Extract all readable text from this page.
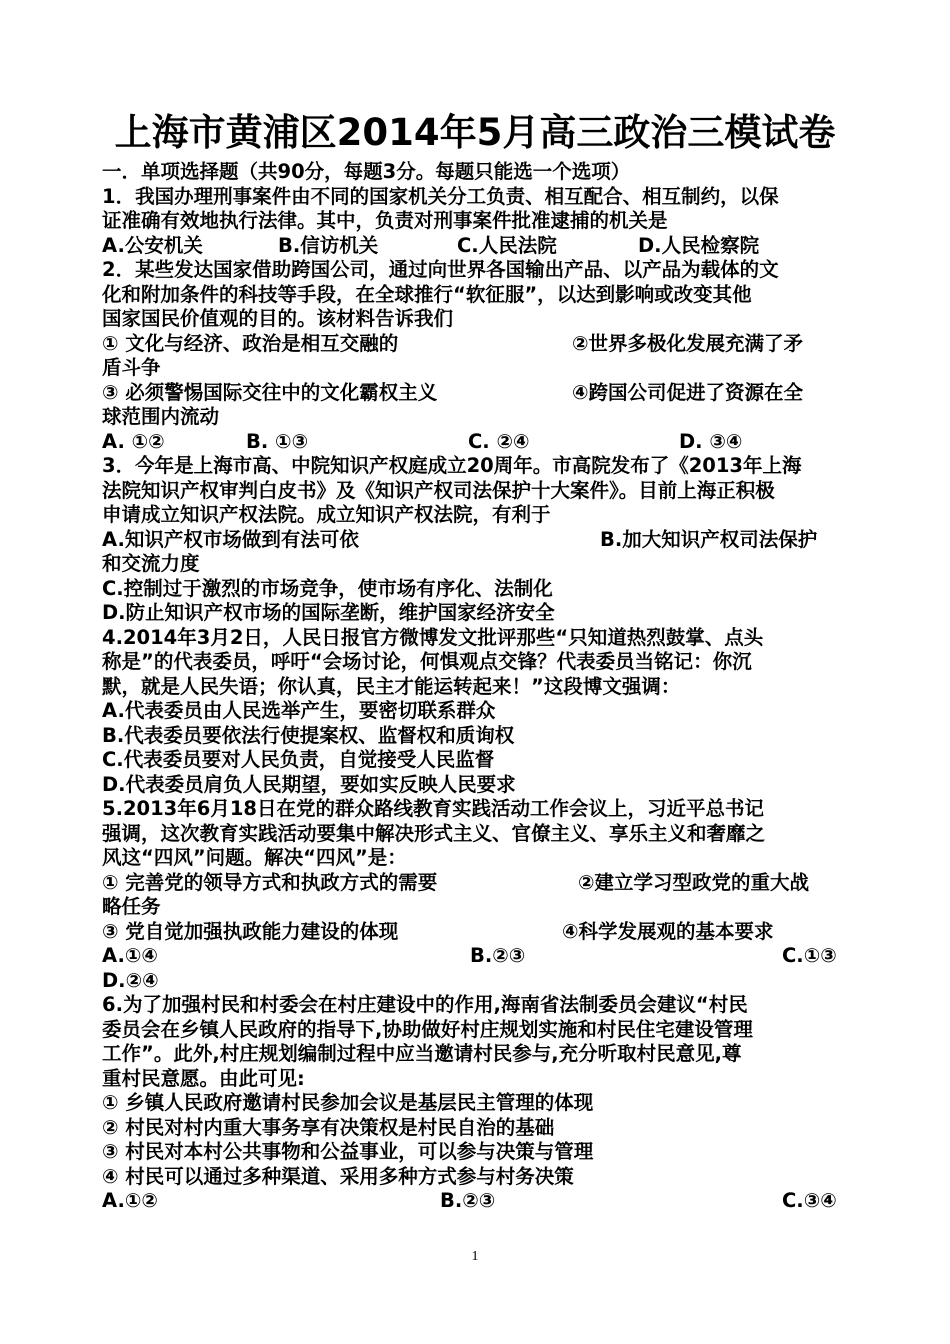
上海市黄浦区2014年5月高三政治三模试卷
一．单项选择题（共90分，每题3分。每题只能选一个选项）
1．我国办理刑事案件由不同的国家机关分工负责、相互配合、相互制约，以保
证准确有效地执行法律。其中，负责对刑事案件批准逮捕的机关是
A.公安机关	B.信访机关	C.人民法院	D.人民检察院
2．某些发达国家借助跨国公司，通过向世界各国输出产品、以产品为载体的文
化和附加条件的科技等手段，在全球推行“软征服”，以达到影响或改变其他
国家国民价值观的目的。该材料告诉我们
① 文化与经济、政治是相互交融的	②世界多极化发展充满了矛
盾斗争
③ 必须警惕国际交往中的文化霸权主义	④跨国公司促进了资源在全
球范围内流动
A. ①②	B. ①③	C. ②④	D. ③④
3．今年是上海市高、中院知识产权庭成立20周年。市高院发布了《2013年上海
法院知识产权审判白皮书》及《知识产权司法保护十大案件》。目前上海正积极
申请成立知识产权法院。成立知识产权法院，有利于
A.知识产权市场做到有法可依	B.加大知识产权司法保护
和交流力度
C.控制过于激烈的市场竞争，使市场有序化、法制化
D.防止知识产权市场的国际垄断，维护国家经济安全
4.2014年3月2日，人民日报官方微博发文批评那些“只知道热烈鼓掌、点头
称是”的代表委员，呼吁“会场讨论，何惧观点交锋？代表委员当铭记：你沉
默，就是人民失语；你认真，民主才能运转起来！”这段博文强调：
A.代表委员由人民选举产生，要密切联系群众
B.代表委员要依法行使提案权、监督权和质询权
C.代表委员要对人民负责，自觉接受人民监督
D.代表委员肩负人民期望，要如实反映人民要求
5.2013年6月18日在党的群众路线教育实践活动工作会议上，习近平总书记
强调，这次教育实践活动要集中解决形式主义、官僚主义、享乐主义和奢靡之
风这“四风”问题。解决“四风”是：
① 完善党的领导方式和执政方式的需要	②建立学习型政党的重大战
略任务
③ 党自觉加强执政能力建设的体现	④科学发展观的基本要求
A.①④	B.②③	C.①③
D.②④
6.为了加强村民和村委会在村庄建设中的作用,海南省法制委员会建议“村民
委员会在乡镇人民政府的指导下,协助做好村庄规划实施和村民住宅建设管理
工作”。此外,村庄规划编制过程中应当邀请村民参与,充分听取村民意见,尊
重村民意愿。由此可见:
① 乡镇人民政府邀请村民参加会议是基层民主管理的体现
② 村民对村内重大事务享有决策权是村民自治的基础
③ 村民对本村公共事物和公益事业，可以参与决策与管理
④ 村民可以通过多种渠道、采用多种方式参与村务决策
A.①②	B.②③	C.③④
1
